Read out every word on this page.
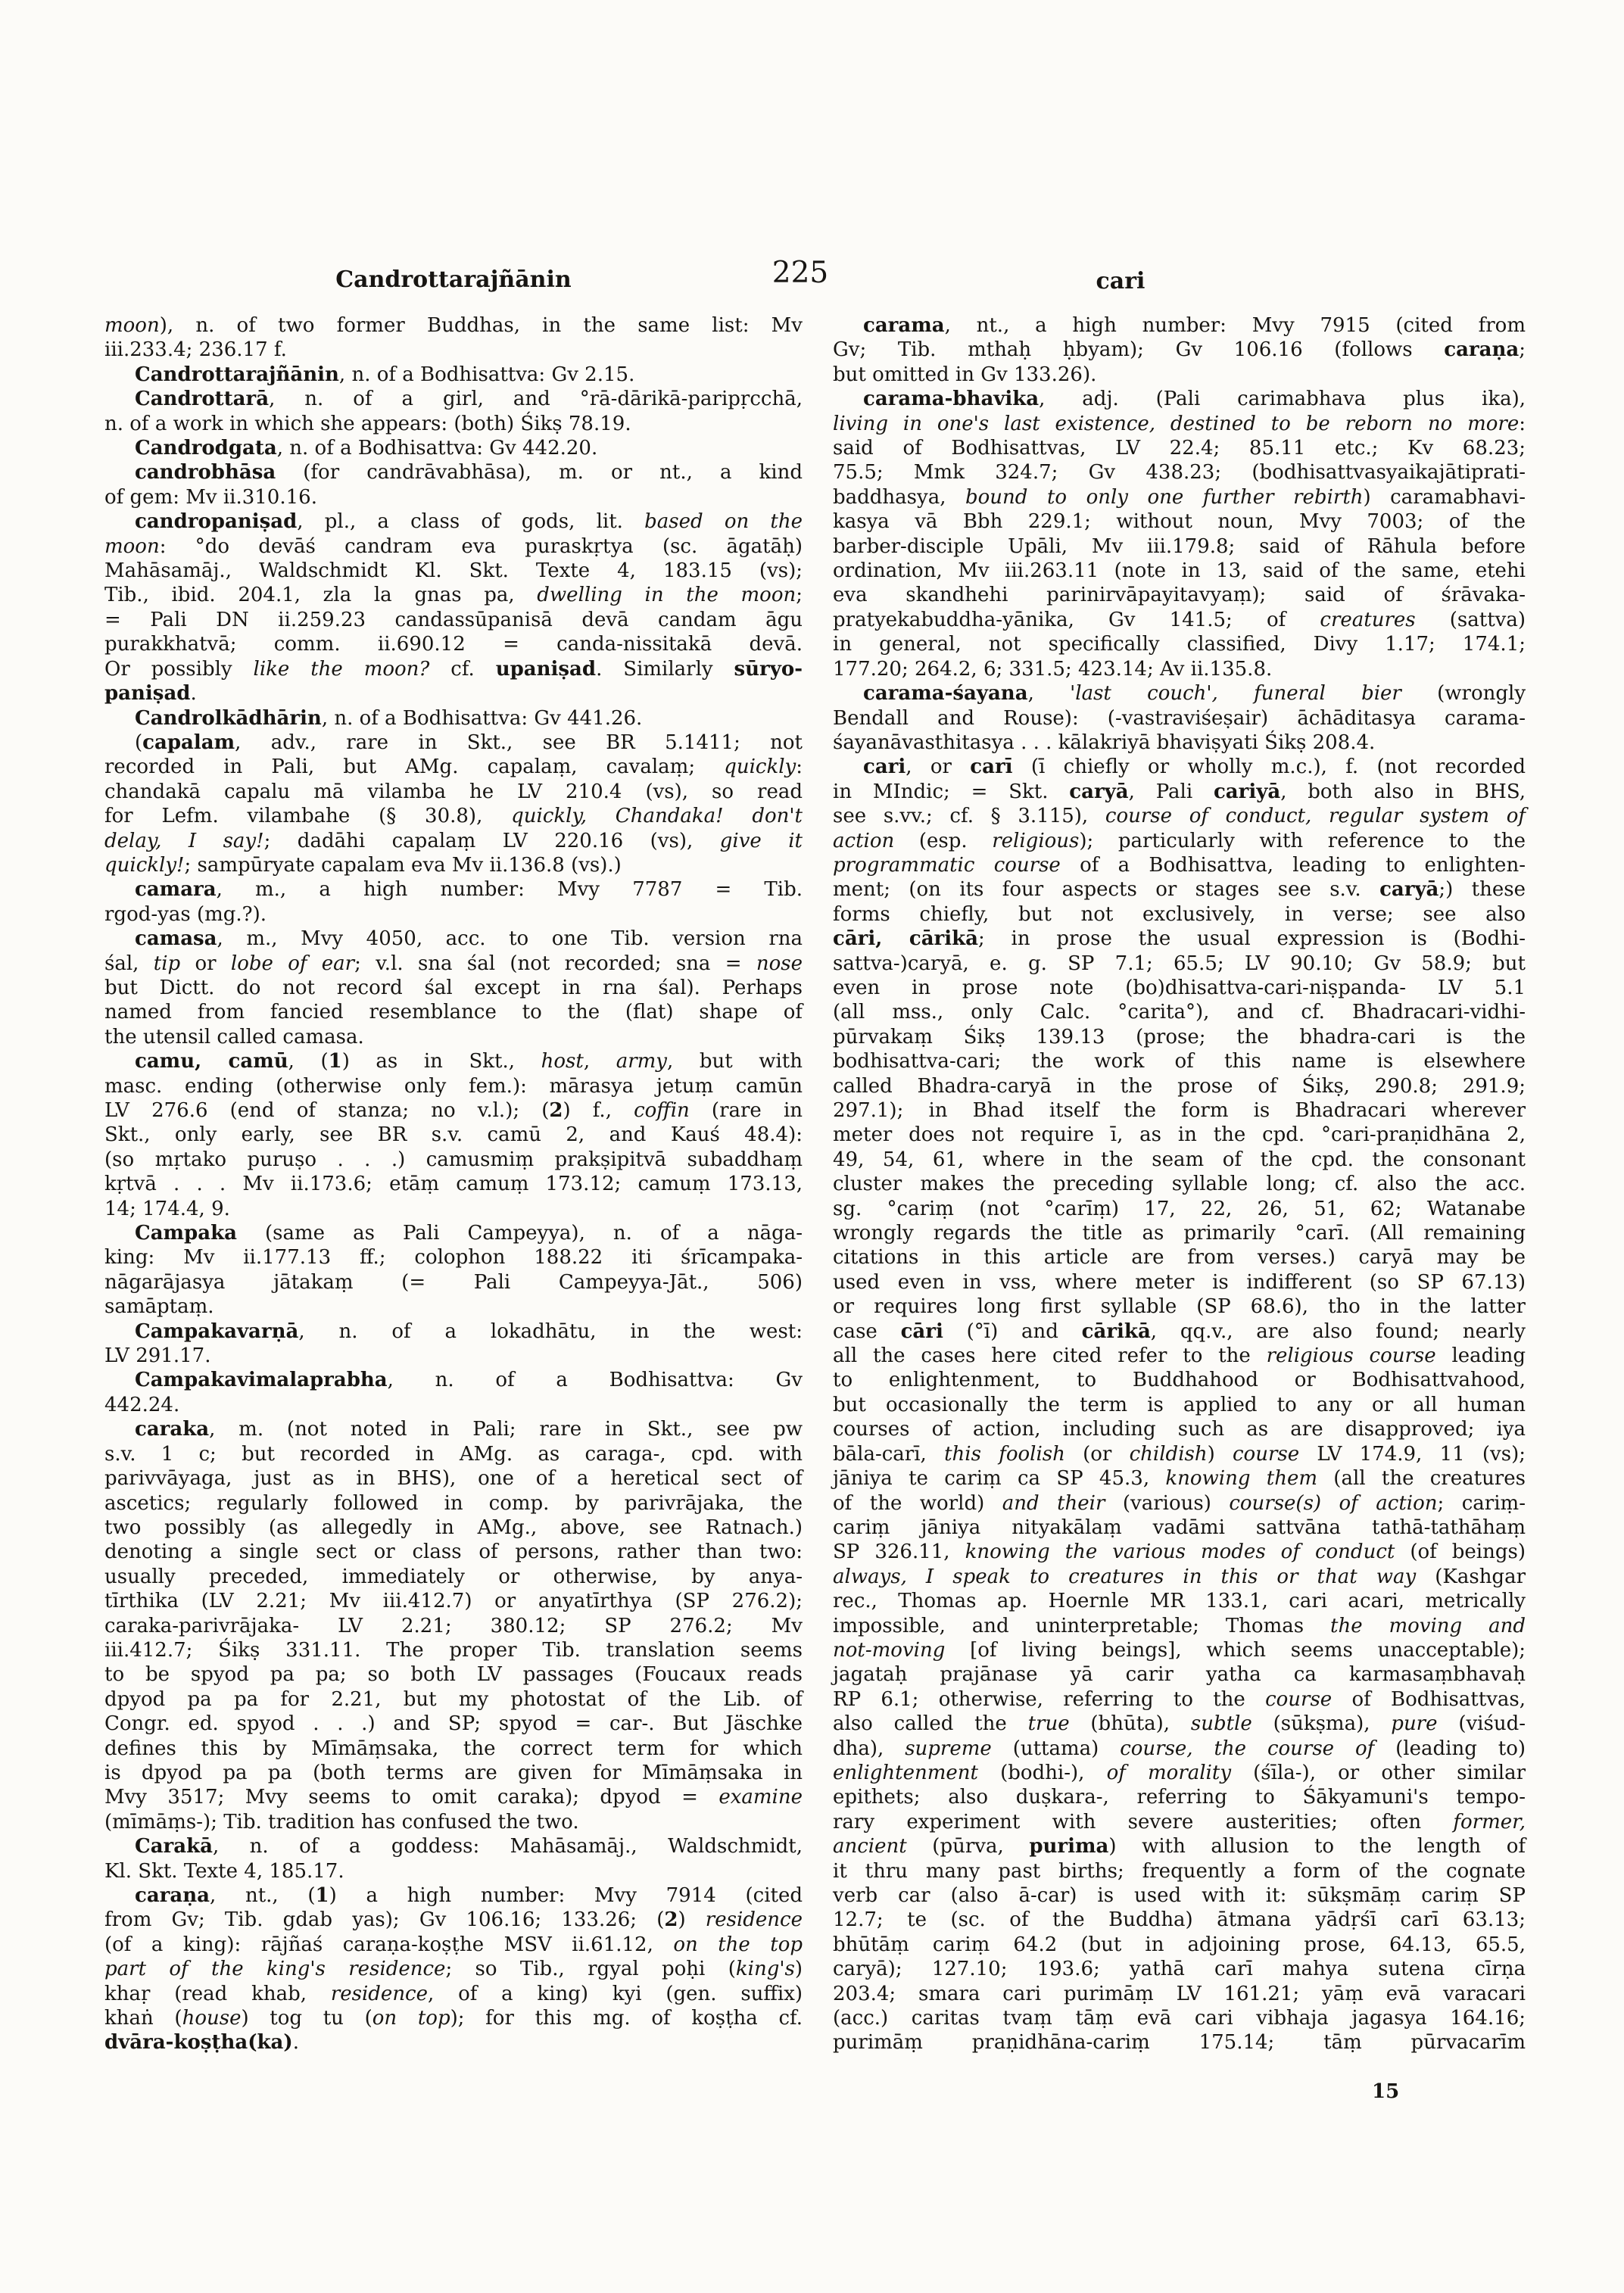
Candrottarajñānin	225	cari
moon), n. of two former Buddhas, in the same list: Mv
iii.233.4; 236.17 f.
Candrottarajñānin, n. of a Bodhisattva: Gv 2.15.
Candrottarā, n. of a girl, and °rā-dārikā-paripṛcchā,
n. of a work in which she appears: (both) Śikṣ 78.19.
Candrodgata, n. of a Bodhisattva: Gv 442.20.
candrobhāsa (for candrāvabhāsa), m. or nt., a kind
of gem: Mv ii.310.16.
candropaniṣad, pl., a class of gods, lit. based on the
moon: °do devāś candram eva puraskṛtya (sc. āgatāḥ)
Mahāsamāj., Waldschmidt Kl. Skt. Texte 4, 183.15 (vs);
Tib., ibid. 204.1, zla la gnas pa, dwelling in the moon;
= Pali DN ii.259.23 candassūpanisā devā candam āgu
purakkhatvā; comm. ii.690.12 = canda-nissitakā devā.
Or possibly like the moon? cf. upaniṣad. Similarly sūryo-
paniṣad.
Candrolkādhārin, n. of a Bodhisattva: Gv 441.26.
(capalam, adv., rare in Skt., see BR 5.1411; not
recorded in Pali, but AMg. capalaṃ, cavalaṃ; quickly:
chandakā capalu mā vilamba he LV 210.4 (vs), so read
for Lefm. vilambahe (§ 30.8), quickly, Chandaka! don't
delay, I say!; dadāhi capalaṃ LV 220.16 (vs), give it
quickly!; sampūryate capalam eva Mv ii.136.8 (vs).)
camara, m., a high number: Mvy 7787 = Tib.
rgod-yas (mg.?).
camasa, m., Mvy 4050, acc. to one Tib. version rna
śal, tip or lobe of ear; v.l. sna śal (not recorded; sna = nose
but Dictt. do not record śal except in rna śal). Perhaps
named from fancied resemblance to the (flat) shape of
the utensil called camasa.
camu, camū, (1) as in Skt., host, army, but with
masc. ending (otherwise only fem.): mārasya jetuṃ camūn
LV 276.6 (end of stanza; no v.l.); (2) f., coffin (rare in
Skt., only early, see BR s.v. camū 2, and Kauś 48.4):
(so mṛtako puruṣo . . .) camusmiṃ prakṣipitvā subaddhaṃ
kṛtvā . . . Mv ii.173.6; etāṃ camuṃ 173.12; camuṃ 173.13,
14; 174.4, 9.
Campaka (same as Pali Campeyya), n. of a nāga-
king: Mv ii.177.13 ff.; colophon 188.22 iti śrīcampaka-
nāgarājasya jātakaṃ (= Pali Campeyya-Jāt., 506)
samāptaṃ.
Campakavarṇā, n. of a lokadhātu, in the west:
LV 291.17.
Campakavimalaprabha, n. of a Bodhisattva: Gv
442.24.
caraka, m. (not noted in Pali; rare in Skt., see pw
s.v. 1 c; but recorded in AMg. as caraga-, cpd. with
parivvāyaga, just as in BHS), one of a heretical sect of
ascetics; regularly followed in comp. by parivrājaka, the
two possibly (as allegedly in AMg., above, see Ratnach.)
denoting a single sect or class of persons, rather than two:
usually preceded, immediately or otherwise, by anya-
tīrthika (LV 2.21; Mv iii.412.7) or anyatīrthya (SP 276.2);
caraka-parivrājaka- LV 2.21; 380.12; SP 276.2; Mv
iii.412.7; Śikṣ 331.11. The proper Tib. translation seems
to be spyod pa pa; so both LV passages (Foucaux reads
dpyod pa pa for 2.21, but my photostat of the Lib. of
Congr. ed. spyod . . .) and SP; spyod = car-. But Jäschke
defines this by Mīmāṃsaka, the correct term for which
is dpyod pa pa (both terms are given for Mīmāṃsaka in
Mvy 3517; Mvy seems to omit caraka); dpyod = examine
(mīmāṃs-); Tib. tradition has confused the two.
Carakā, n. of a goddess: Mahāsamāj., Waldschmidt,
Kl. Skt. Texte 4, 185.17.
caraṇa, nt., (1) a high number: Mvy 7914 (cited
from Gv; Tib. gdab yas); Gv 106.16; 133.26; (2) residence
(of a king): rājñaś caraṇa-koṣṭhe MSV ii.61.12, on the top
part of the king's residence; so Tib., rgyal poḥi (king's)
khaṛ (read khab, residence, of a king) kyi (gen. suffix)
khaṅ (house) tog tu (on top); for this mg. of koṣṭha cf.
dvāra-koṣṭha(ka).
carama, nt., a high number: Mvy 7915 (cited from
Gv; Tib. mthaḥ ḥbyam); Gv 106.16 (follows caraṇa;
but omitted in Gv 133.26).
carama-bhavika, adj. (Pali carimabhava plus ika),
living in one's last existence, destined to be reborn no more:
said of Bodhisattvas, LV 22.4; 85.11 etc.; Kv 68.23;
75.5; Mmk 324.7; Gv 438.23; (bodhisattvasyaikajātiprati-
baddhasya, bound to only one further rebirth) caramabhavi-
kasya vā Bbh 229.1; without noun, Mvy 7003; of the
barber-disciple Upāli, Mv iii.179.8; said of Rāhula before
ordination, Mv iii.263.11 (note in 13, said of the same, etehi
eva skandhehi parinirvāpayitavyaṃ); said of śrāvaka-
pratyekabuddha-yānika, Gv 141.5; of creatures (sattva)
in general, not specifically classified, Divy 1.17; 174.1;
177.20; 264.2, 6; 331.5; 423.14; Av ii.135.8.
carama-śayana, 'last couch', funeral bier (wrongly
Bendall and Rouse): (-vastraviśeṣair) āchāditasya carama-
śayanāvasthitasya . . . kālakriyā bhaviṣyati Śikṣ 208.4.
cari, or carī (ī chiefly or wholly m.c.), f. (not recorded
in MIndic; = Skt. caryā, Pali cariyā, both also in BHS,
see s.vv.; cf. § 3.115), course of conduct, regular system of
action (esp. religious); particularly with reference to the
programmatic course of a Bodhisattva, leading to enlighten-
ment; (on its four aspects or stages see s.v. caryā;) these
forms chiefly, but not exclusively, in verse; see also
cāri, cārikā; in prose the usual expression is (Bodhi-
sattva-)caryā, e. g. SP 7.1; 65.5; LV 90.10; Gv 58.9; but
even in prose note (bo)dhisattva-cari-niṣpanda- LV 5.1
(all mss., only Calc. °carita°), and cf. Bhadracari-vidhi-
pūrvakaṃ Śikṣ 139.13 (prose; the bhadra-cari is the
bodhisattva-cari; the work of this name is elsewhere
called Bhadra-caryā in the prose of Śikṣ, 290.8; 291.9;
297.1); in Bhad itself the form is Bhadracari wherever
meter does not require ī, as in the cpd. °cari-praṇidhāna 2,
49, 54, 61, where in the seam of the cpd. the consonant
cluster makes the preceding syllable long; cf. also the acc.
sg. °cariṃ (not °carīṃ) 17, 22, 26, 51, 62; Watanabe
wrongly regards the title as primarily °carī. (All remaining
citations in this article are from verses.) caryā may be
used even in vss, where meter is indifferent (so SP 67.13)
or requires long first syllable (SP 68.6), tho in the latter
case cāri (°ī) and cārikā, qq.v., are also found; nearly
all the cases here cited refer to the religious course leading
to enlightenment, to Buddhahood or Bodhisattvahood,
but occasionally the term is applied to any or all human
courses of action, including such as are disapproved; iya
bāla-carī, this foolish (or childish) course LV 174.9, 11 (vs);
jāniya te cariṃ ca SP 45.3, knowing them (all the creatures
of the world) and their (various) course(s) of action; cariṃ-
cariṃ jāniya nityakālaṃ vadāmi sattvāna tathā-tathāhaṃ
SP 326.11, knowing the various modes of conduct (of beings)
always, I speak to creatures in this or that way (Kashgar
rec., Thomas ap. Hoernle MR 133.1, cari acari, metrically
impossible, and uninterpretable; Thomas the moving and
not-moving [of living beings], which seems unacceptable);
jagataḥ prajānase yā carir yatha ca karmasaṃbhavaḥ
RP 6.1; otherwise, referring to the course of Bodhisattvas,
also called the true (bhūta), subtle (sūkṣma), pure (viśud-
dha), supreme (uttama) course, the course of (leading to)
enlightenment (bodhi-), of morality (śīla-), or other similar
epithets; also duṣkara-, referring to Śākyamuni's tempo-
rary experiment with severe austerities; often former,
ancient (pūrva, purima) with allusion to the length of
it thru many past births; frequently a form of the cognate
verb car (also ā-car) is used with it: sūkṣmāṃ cariṃ SP
12.7; te (sc. of the Buddha) ātmana yādṛśī carī 63.13;
bhūtāṃ cariṃ 64.2 (but in adjoining prose, 64.13, 65.5,
caryā); 127.10; 193.6; yathā carī mahya sutena cīrṇa
203.4; smara cari purimāṃ LV 161.21; yāṃ evā varacari
(acc.) caritas tvaṃ tāṃ evā cari vibhaja jagasya 164.16;
purimāṃ praṇidhāna-cariṃ 175.14; tāṃ pūrvacarīm
15
